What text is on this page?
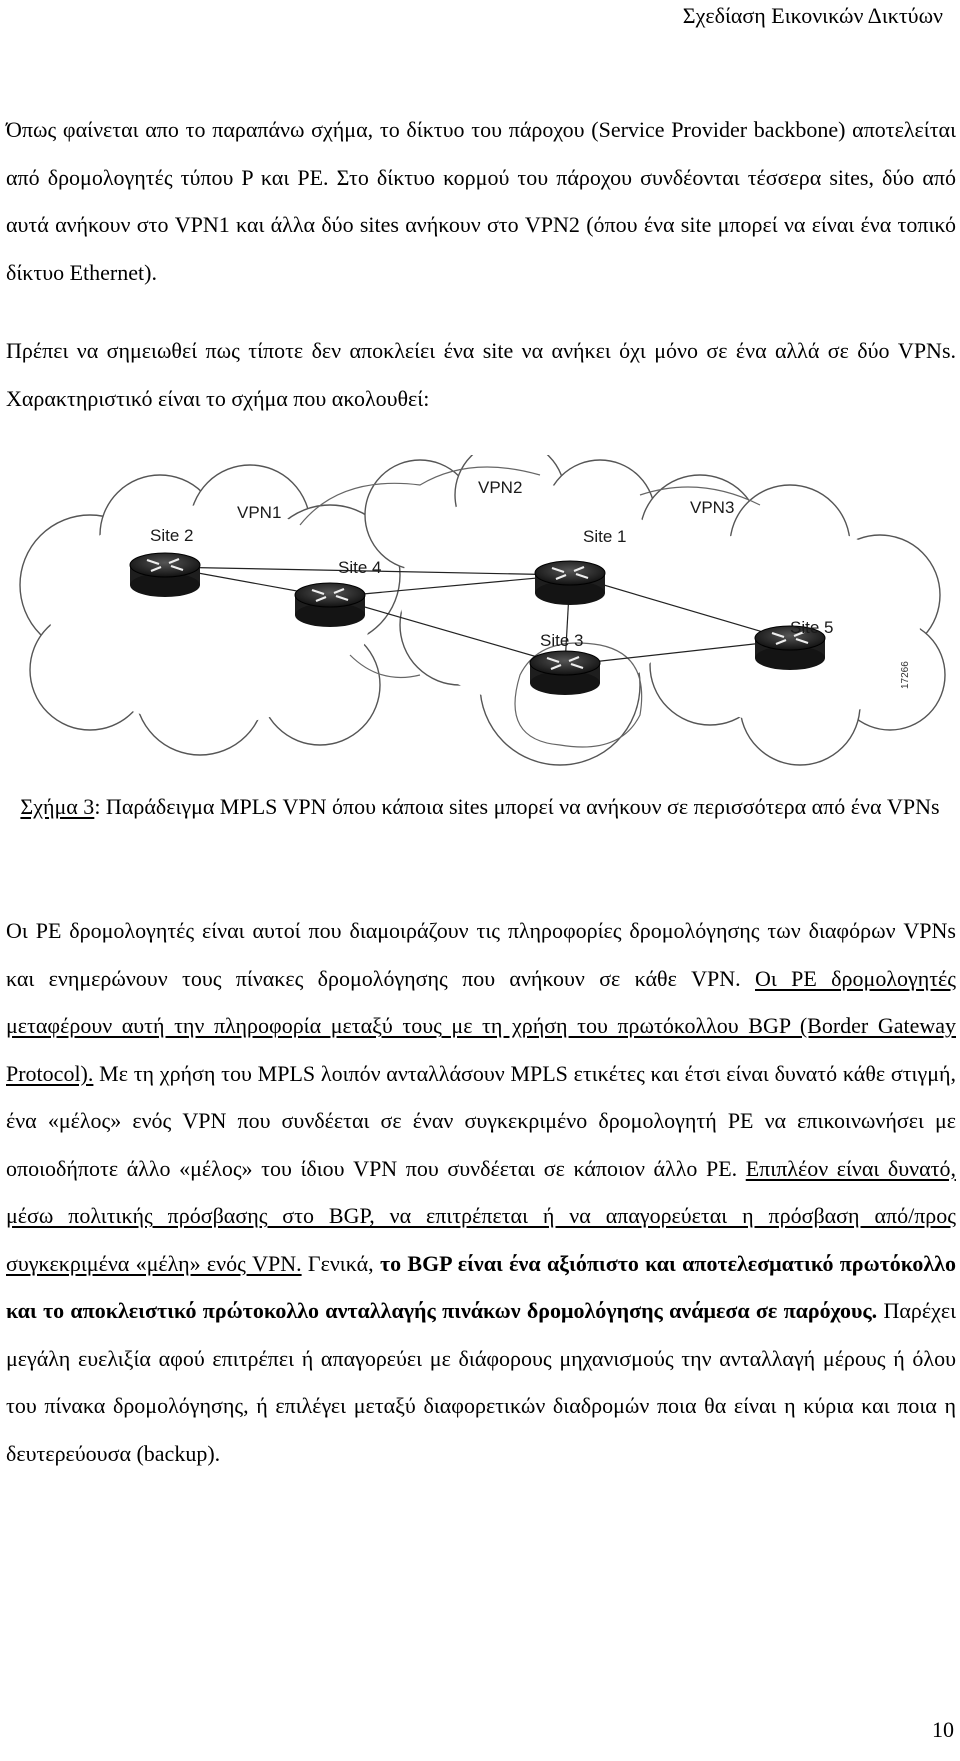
Σχεδίαση Εικονικών Δικτύων

Όπως φαίνεται απο το παραπάνω σχήμα, το δίκτυο του πάροχου (Service Provider backbone) αποτελείται από δρομολογητές τύπου P και PE. Στο δίκτυο κορμού του πάροχου συνδέονται τέσσερα sites, δύο από αυτά ανήκουν στο VPN1 και άλλα δύο sites ανήκουν στο VPN2 (όπου ένα site μπορεί να είναι ένα τοπικό δίκτυο Ethernet).

Πρέπει να σημειωθεί πως τίποτε δεν αποκλείει ένα site να ανήκει όχι μόνο σε ένα αλλά σε δύο VPNs. Χαρακτηριστικό είναι το σχήμα που ακολουθεί:

VPN1
VPN2
VPN3
Site 2
Site 4
Site 1
Site 3
Site 5
17266
Σχήμα 3: Παράδειγμα MPLS VPN όπου κάποια sites μπορεί να ανήκουν σε περισσότερα από ένα VPNs

Οι PE δρομολογητές είναι αυτοί που διαμοιράζουν τις πληροφορίες δρομολόγησης των διαφόρων VPNs και ενημερώνουν τους πίνακες δρομολόγησης που ανήκουν σε κάθε VPN. Οι PE δρομολογητές μεταφέρουν αυτή την πληροφορία μεταξύ τους με τη χρήση του πρωτόκολλου BGP (Border Gateway Protocol). Με τη χρήση του MPLS λοιπόν ανταλλάσουν MPLS ετικέτες και έτσι είναι δυνατό κάθε στιγμή, ένα «μέλος» ενός VPN που συνδέεται σε έναν συγκεκριμένο δρομολογητή PE να επικοινωνήσει με οποιοδήποτε άλλο «μέλος» του ίδιου VPN που συνδέεται σε κάποιον άλλο PE. Επιπλέον είναι δυνατό, μέσω πολιτικής πρόσβασης στο BGP, να επιτρέπεται ή να απαγορεύεται η πρόσβαση από/προς συγκεκριμένα «μέλη» ενός VPN. Γενικά, το BGP είναι ένα αξιόπιστο και αποτελεσματικό πρωτόκολλο και το αποκλειστικό πρώτοκολλο ανταλλαγής πινάκων δρομολόγησης ανάμεσα σε παρόχους. Παρέχει μεγάλη ευελιξία αφού επιτρέπει ή απαγορεύει με διάφορους μηχανισμούς την ανταλλαγή μέρους ή όλου του πίνακα δρομολόγησης, ή επιλέγει μεταξύ διαφορετικών διαδρομών ποια θα είναι η κύρια και ποια η δευτερεύουσα (backup).

10
